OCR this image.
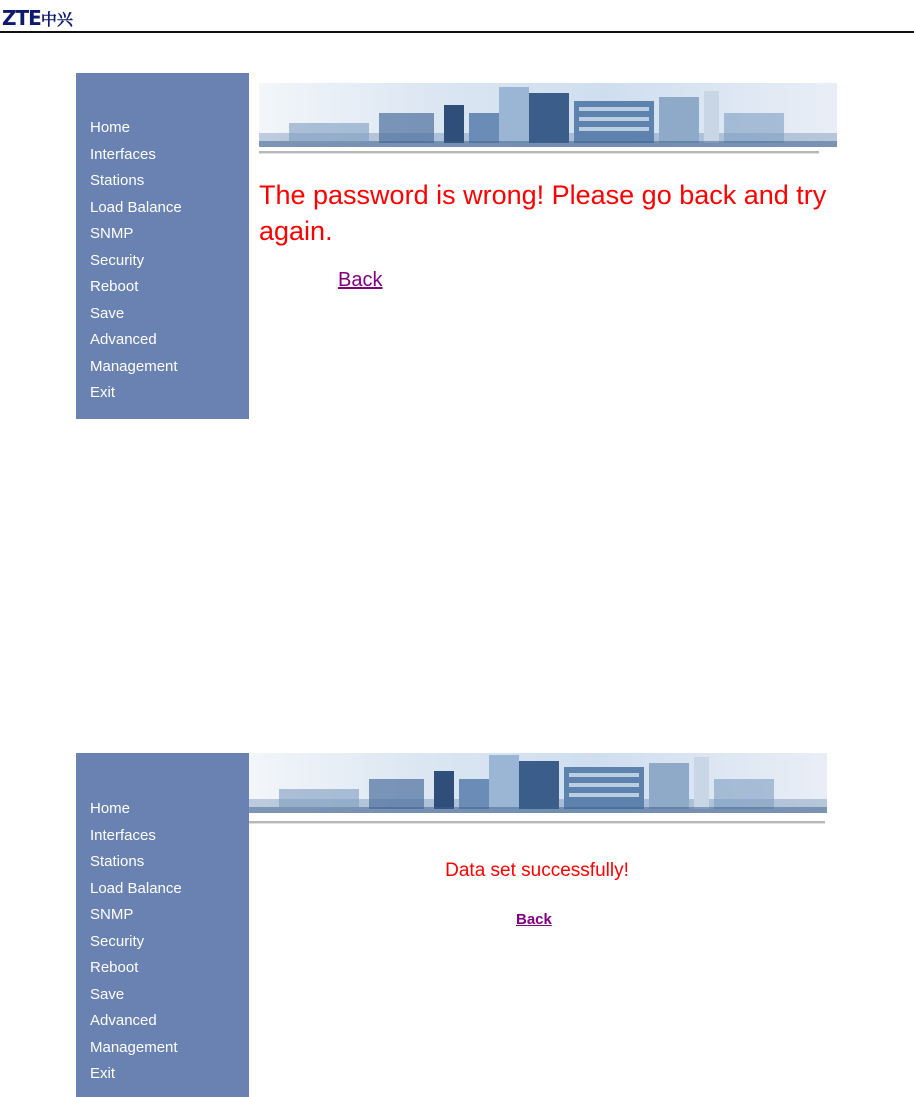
ZTE中兴
Home
Interfaces
Stations
Load Balance
SNMP
Security
Reboot
Save
Advanced
Management
Exit
The password is wrong! Please go back and try again.
Back
Home
Interfaces
Stations
Load Balance
SNMP
Security
Reboot
Save
Advanced
Management
Exit
Data set successfully!
Back
